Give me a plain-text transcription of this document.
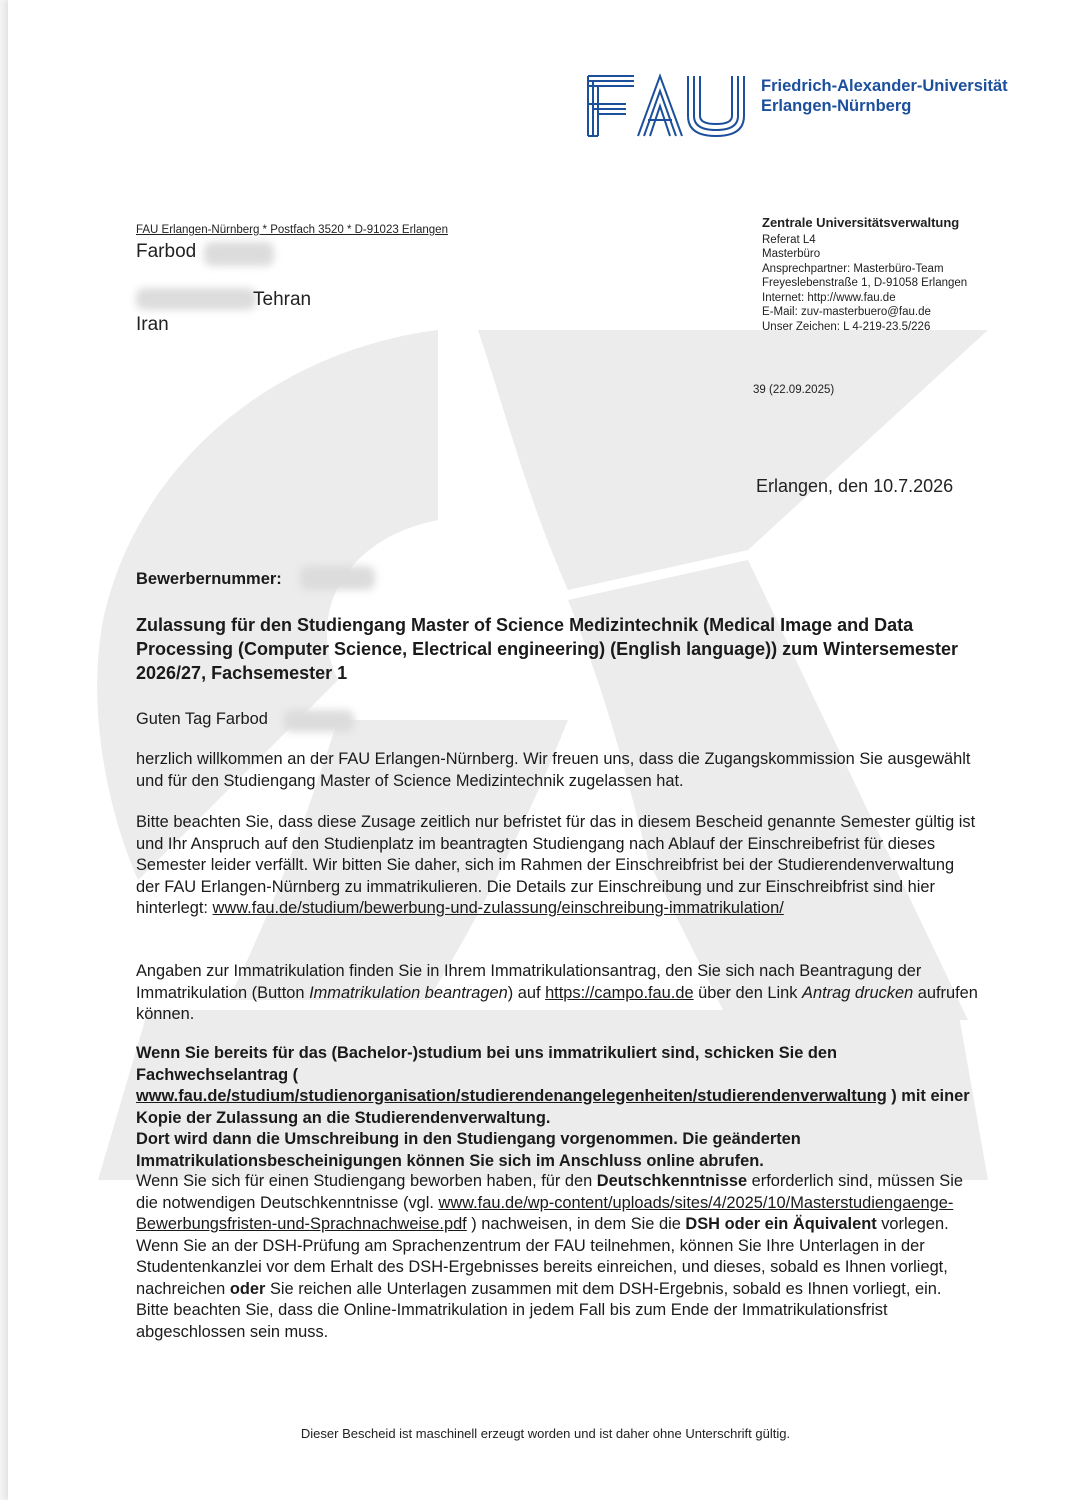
Friedrich-Alexander-Universität
Erlangen-Nürnberg
FAU Erlangen-Nürnberg * Postfach 3520 * D-91023 Erlangen
Farbod
Tehran
Iran
Zentrale Universitätsverwaltung
Referat L4
Masterbüro
Ansprechpartner: Masterbüro-Team
Freyeslebenstraße 1, D-91058 Erlangen
Internet: http://www.fau.de
E-Mail: zuv-masterbuero@fau.de
Unser Zeichen: L 4-219-23.5/226
39 (22.09.2025)
Erlangen, den 10.7.2026
Bewerbernummer:
Zulassung für den Studiengang Master of Science Medizintechnik (Medical Image and Data Processing (Computer Science, Electrical engineering) (English language)) zum Wintersemester 2026/27, Fachsemester 1
Guten Tag Farbod
herzlich willkommen an der FAU Erlangen-Nürnberg. Wir freuen uns, dass die Zugangskommission Sie ausgewählt und für den Studiengang Master of Science Medizintechnik zugelassen hat.
Bitte beachten Sie, dass diese Zusage zeitlich nur befristet für das in diesem Bescheid genannte Semester gültig ist und Ihr Anspruch auf den Studienplatz im beantragten Studiengang nach Ablauf der Einschreibefrist für dieses Semester leider verfällt. Wir bitten Sie daher, sich im Rahmen der Einschreibfrist bei der Studierendenverwaltung der FAU Erlangen-Nürnberg zu immatrikulieren. Die Details zur Einschreibung und zur Einschreibfrist sind hier hinterlegt: www.fau.de/studium/bewerbung-und-zulassung/einschreibung-immatrikulation/
Angaben zur Immatrikulation finden Sie in Ihrem Immatrikulationsantrag, den Sie sich nach Beantragung der Immatrikulation (Button Immatrikulation beantragen) auf https://campo.fau.de über den Link Antrag drucken aufrufen können.
Wenn Sie bereits für das (Bachelor-)studium bei uns immatrikuliert sind, schicken Sie den Fachwechselantrag ( www.fau.de/studium/studienorganisation/studierendenangelegenheiten/studierendenverwaltung ) mit einer Kopie der Zulassung an die Studierendenverwaltung.
Dort wird dann die Umschreibung in den Studiengang vorgenommen. Die geänderten Immatrikulationsbescheinigungen können Sie sich im Anschluss online abrufen.
Wenn Sie sich für einen Studiengang beworben haben, für den Deutschkenntnisse erforderlich sind, müssen Sie die notwendigen Deutschkenntnisse (vgl. www.fau.de/wp-content/uploads/sites/4/2025/10/Masterstudiengaenge-Bewerbungsfristen-und-Sprachnachweise.pdf ) nachweisen, in dem Sie die DSH oder ein Äquivalent vorlegen. Wenn Sie an der DSH-Prüfung am Sprachenzentrum der FAU teilnehmen, können Sie Ihre Unterlagen in der Studentenkanzlei vor dem Erhalt des DSH-Ergebnisses bereits einreichen, und dieses, sobald es Ihnen vorliegt, nachreichen oder Sie reichen alle Unterlagen zusammen mit dem DSH-Ergebnis, sobald es Ihnen vorliegt, ein.
Bitte beachten Sie, dass die Online-Immatrikulation in jedem Fall bis zum Ende der Immatrikulationsfrist abgeschlossen sein muss.
Dieser Bescheid ist maschinell erzeugt worden und ist daher ohne Unterschrift gültig.
